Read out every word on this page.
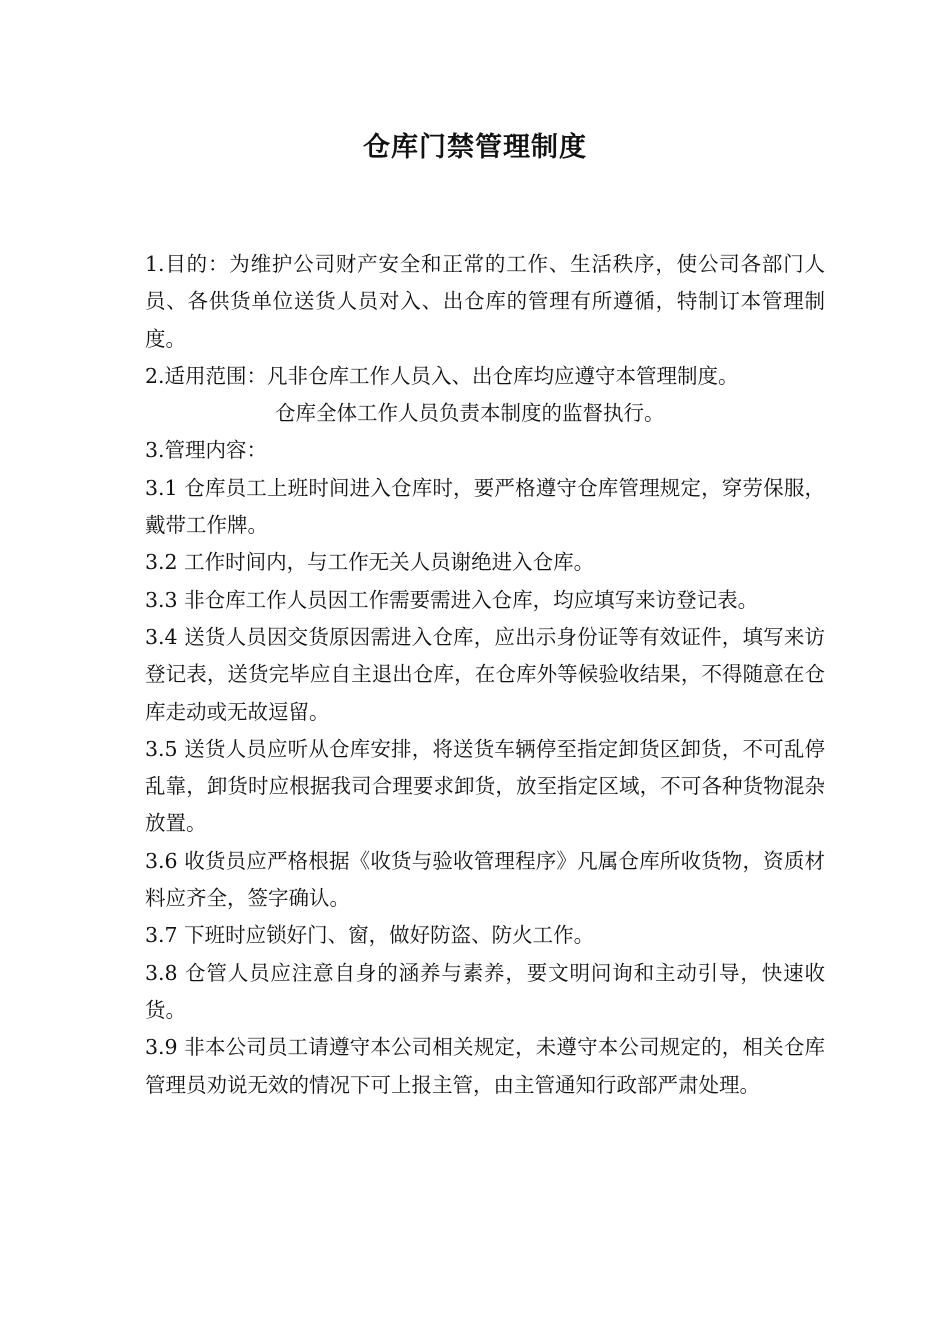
仓库门禁管理制度

1.目的：为维护公司财产安全和正常的工作、生活秩序，使公司各部门人员、各供货单位送货人员对入、出仓库的管理有所遵循，特制订本管理制度。

2.适用范围：凡非仓库工作人员入、出仓库均应遵守本管理制度。

仓库全体工作人员负责本制度的监督执行。

3.管理内容：

3.1 仓库员工上班时间进入仓库时，要严格遵守仓库管理规定，穿劳保服，戴带工作牌。

3.2 工作时间内，与工作无关人员谢绝进入仓库。

3.3 非仓库工作人员因工作需要需进入仓库，均应填写来访登记表。

3.4 送货人员因交货原因需进入仓库，应出示身份证等有效证件，填写来访登记表，送货完毕应自主退出仓库，在仓库外等候验收结果，不得随意在仓库走动或无故逗留。

3.5 送货人员应听从仓库安排，将送货车辆停至指定卸货区卸货，不可乱停乱靠，卸货时应根据我司合理要求卸货，放至指定区域，不可各种货物混杂放置。

3.6 收货员应严格根据《收货与验收管理程序》凡属仓库所收货物，资质材料应齐全，签字确认。

3.7 下班时应锁好门、窗，做好防盗、防火工作。

3.8 仓管人员应注意自身的涵养与素养，要文明问询和主动引导，快速收货。

3.9 非本公司员工请遵守本公司相关规定，未遵守本公司规定的，相关仓库管理员劝说无效的情况下可上报主管，由主管通知行政部严肃处理。
